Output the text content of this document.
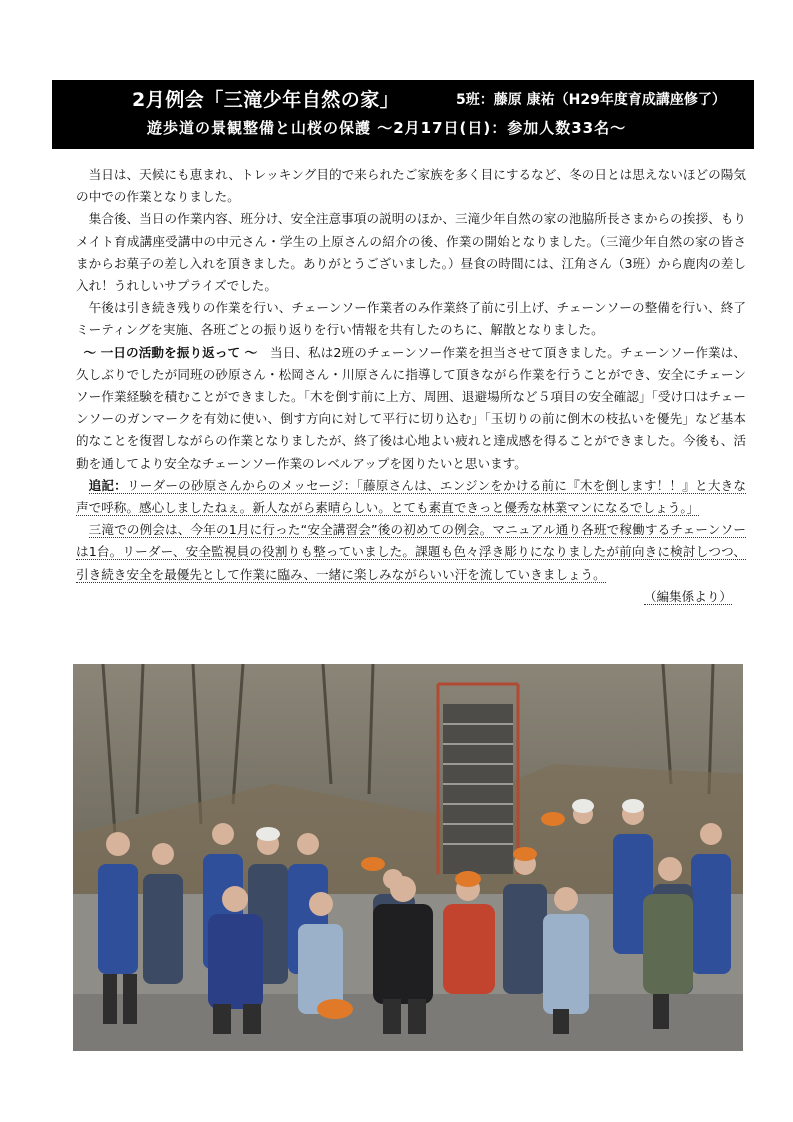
2月例会「三滝少年自然の家」	5班：藤原 康祐（H29年度育成講座修了）
遊歩道の景観整備と山桜の保護 ～2月17日(日)：参加人数33名～

当日は、天候にも恵まれ、トレッキング目的で来られたご家族を多く目にするなど、冬の日とは思えないほどの陽気の中での作業となりました。

集合後、当日の作業内容、班分け、安全注意事項の説明のほか、三滝少年自然の家の池脇所長さまからの挨拶、もりメイト育成講座受講中の中元さん・学生の上原さんの紹介の後、作業の開始となりました。（三滝少年自然の家の皆さまからお菓子の差し入れを頂きました。ありがとうございました。）昼食の時間には、江角さん（3班）から鹿肉の差し入れ！うれしいサプライズでした。

午後は引き続き残りの作業を行い、チェーンソー作業者のみ作業終了前に引上げ、チェーンソーの整備を行い、終了ミーティングを実施、各班ごとの振り返りを行い情報を共有したのちに、解散となりました。

～ 一日の活動を振り返って ～　 当日、私は2班のチェーンソー作業を担当させて頂きました。チェーンソー作業は、久しぶりでしたが同班の砂原さん・松岡さん・川原さんに指導して頂きながら作業を行うことができ、安全にチェーンソー作業経験を積むことができました。「木を倒す前に上方、周囲、退避場所など５項目の安全確認」「受け口はチェーンソーのガンマークを有効に使い、倒す方向に対して平行に切り込む」「玉切りの前に倒木の枝払いを優先」など基本的なことを復習しながらの作業となりましたが、終了後は心地よい疲れと達成感を得ることができました。今後も、活動を通してより安全なチェーンソー作業のレベルアップを図りたいと思います。

追記：リーダーの砂原さんからのメッセージ：「藤原さんは、エンジンをかける前に『木を倒します！！』と大きな声で呼称。感心しましたねぇ。新人ながら素晴らしい。とても素直できっと優秀な林業マンになるでしょう。」

三滝での例会は、今年の1月に行った“安全講習会”後の初めての例会。マニュアル通り各班で稼働するチェーンソーは1台。リーダー、安全監視員の役割りも整っていました。課題も色々浮き彫りになりましたが前向きに検討しつつ、引き続き安全を最優先として作業に臨み、一緒に楽しみながらいい汗を流していきましょう。

（編集係より）
